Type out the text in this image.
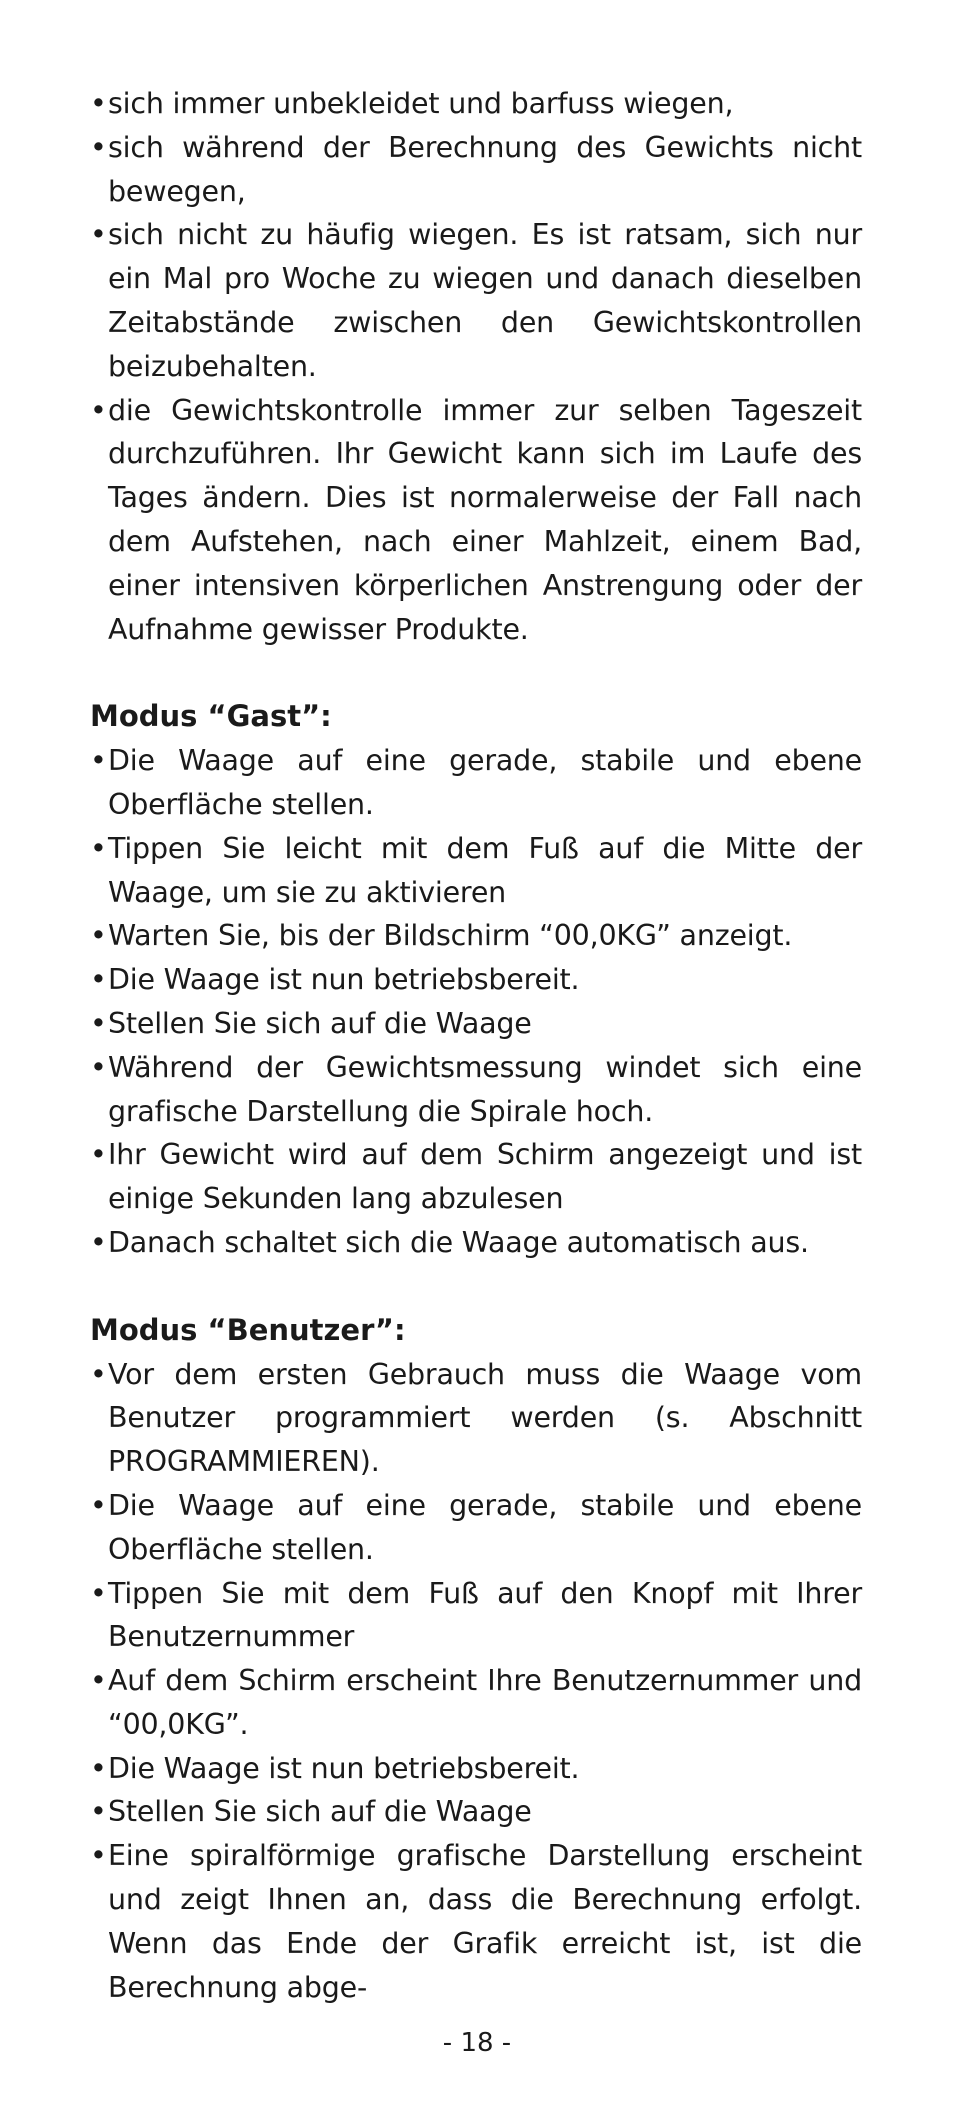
• sich immer unbekleidet und barfuss wiegen,
• sich während der Berechnung des Gewichts nicht bewegen,
• sich nicht zu häufig wiegen. Es ist ratsam, sich nur ein Mal pro Woche zu wiegen und danach dieselben Zeitabstände zwischen den Gewichtskontrollen beizubehalten.
• die Gewichtskontrolle immer zur selben Tageszeit durchzuführen. Ihr Gewicht kann sich im Laufe des Tages ändern. Dies ist normalerweise der Fall nach dem Aufstehen, nach einer Mahlzeit, einem Bad, einer intensiven körperlichen Anstrengung oder der Aufnahme gewisser Produkte.
Modus “Gast”:
• Die Waage auf eine gerade, stabile und ebene Oberfläche stellen.
• Tippen Sie leicht mit dem Fuß auf die Mitte der Waage, um sie zu aktivieren
• Warten Sie, bis der Bildschirm “00,0KG” anzeigt.
• Die Waage ist nun betriebsbereit.
• Stellen Sie sich auf die Waage
• Während der Gewichtsmessung windet sich eine grafische Darstellung die Spirale hoch.
• Ihr Gewicht wird auf dem Schirm angezeigt und ist einige Sekunden lang abzulesen
• Danach schaltet sich die Waage automatisch aus.
Modus “Benutzer”:
• Vor dem ersten Gebrauch muss die Waage vom Benutzer programmiert werden (s. Abschnitt PROGRAMMIEREN).
• Die Waage auf eine gerade, stabile und ebene Oberfläche stellen.
• Tippen Sie mit dem Fuß auf den Knopf mit Ihrer Benutzernummer
• Auf dem Schirm erscheint Ihre Benutzernummer und “00,0KG”.
• Die Waage ist nun betriebsbereit.
• Stellen Sie sich auf die Waage
• Eine spiralförmige grafische Darstellung erscheint und zeigt Ihnen an, dass die Berechnung erfolgt. Wenn das Ende der Grafik erreicht ist, ist die Berechnung abge-
- 18 -
